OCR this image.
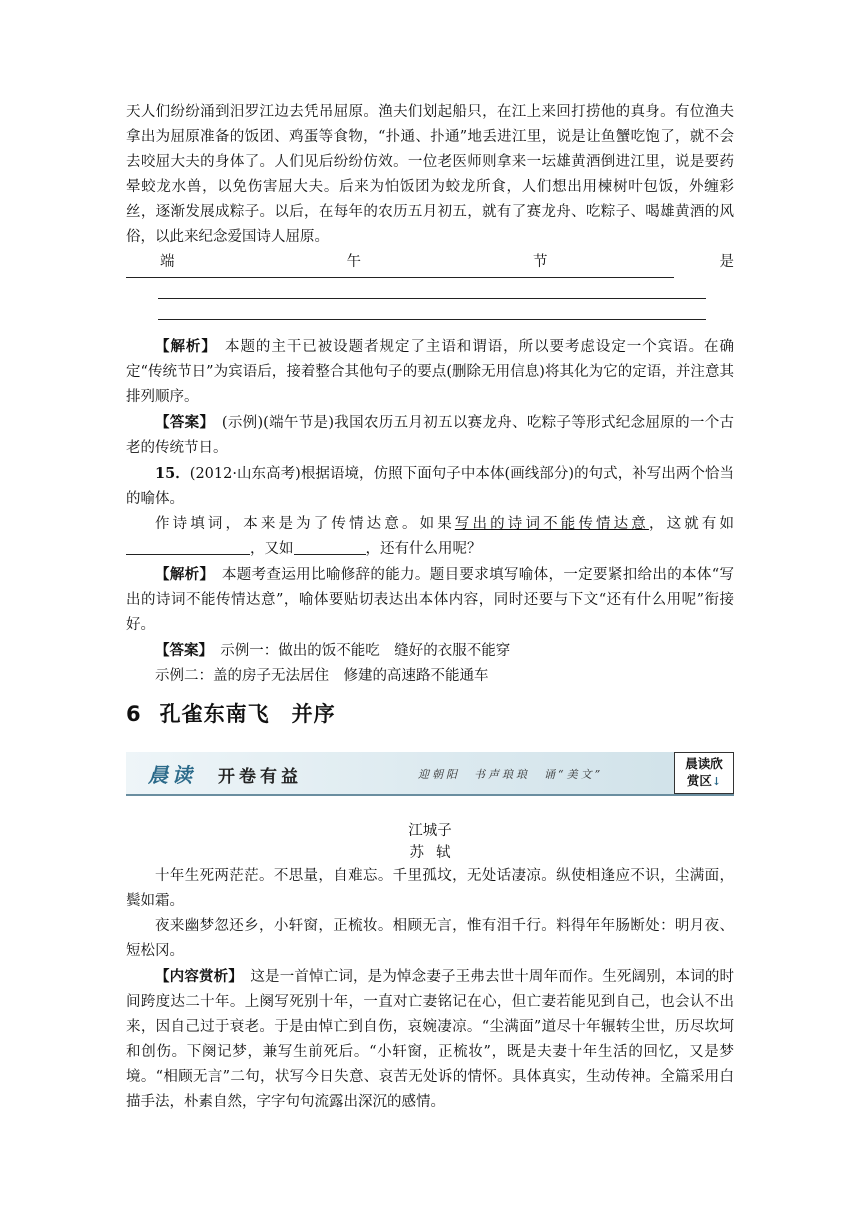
天人们纷纷涌到汨罗江边去凭吊屈原。渔夫们划起船只，在江上来回打捞他的真身。有位渔夫拿出为屈原准备的饭团、鸡蛋等食物，“扑通、扑通”地丢进江里，说是让鱼蟹吃饱了，就不会去咬屈大夫的身体了。人们见后纷纷仿效。一位老医师则拿来一坛雄黄酒倒进江里，说是要药晕蛟龙水兽，以免伤害屈大夫。后来为怕饭团为蛟龙所食，人们想出用楝树叶包饭，外缠彩丝，逐渐发展成粽子。以后，在每年的农历五月初五，就有了赛龙舟、吃粽子、喝雄黄酒的风俗，以此来纪念爱国诗人屈原。

端	午	节	是

【解析】　 本题的主干已被设题者规定了主语和谓语，所以要考虑设定一个宾语。在确定“传统节日”为宾语后，接着整合其他句子的要点(删除无用信息)将其化为它的定语，并注意其排列顺序。

【答案】　 (示例)(端午节是)我国农历五月初五以赛龙舟、吃粽子等形式纪念屈原的一个古老的传统节日。

15．(2012·山东高考)根据语境，仿照下面句子中本体(画线部分)的句式，补写出两个恰当的喻体。

作诗填词，本来是为了传情达意。如果写出的诗词不能传情达意，这就有如，又如	，还有什么用呢？

【解析】　 本题考查运用比喻修辞的能力。题目要求填写喻体，一定要紧扣给出的本体“写出的诗词不能传情达意”，喻体要贴切表达出本体内容，同时还要与下文“还有什么用呢”衔接好。

【答案】　 示例一：做出的饭不能吃　缝好的衣服不能穿

示例二：盖的房子无法居住　修建的高速路不能通车

6 孔雀东南飞　并序
晨读 开卷有益	迎朝阳　书声琅琅　诵“美文”
晨读欣
赏区↓
江城子
苏轼

十年生死两茫茫。不思量，自难忘。千里孤坟，无处话凄凉。纵使相逢应不识，尘满面，鬓如霜。

夜来幽梦忽还乡，小轩窗，正梳妆。相顾无言，惟有泪千行。料得年年肠断处：明月夜、短松冈。

【内容赏析】　 这是一首悼亡词，是为悼念妻子王弗去世十周年而作。生死阔别，本词的时间跨度达二十年。上阕写死别十年，一直对亡妻铭记在心，但亡妻若能见到自己，也会认不出来，因自己过于衰老。于是由悼亡到自伤，哀婉凄凉。“尘满面”道尽十年辗转尘世，历尽坎坷和创伤。下阕记梦，兼写生前死后。“小轩窗，正梳妆”，既是夫妻十年生活的回忆，又是梦境。“相顾无言”二句，状写今日失意、哀苦无处诉的情怀。具体真实，生动传神。全篇采用白描手法，朴素自然，字字句句流露出深沉的感情。
